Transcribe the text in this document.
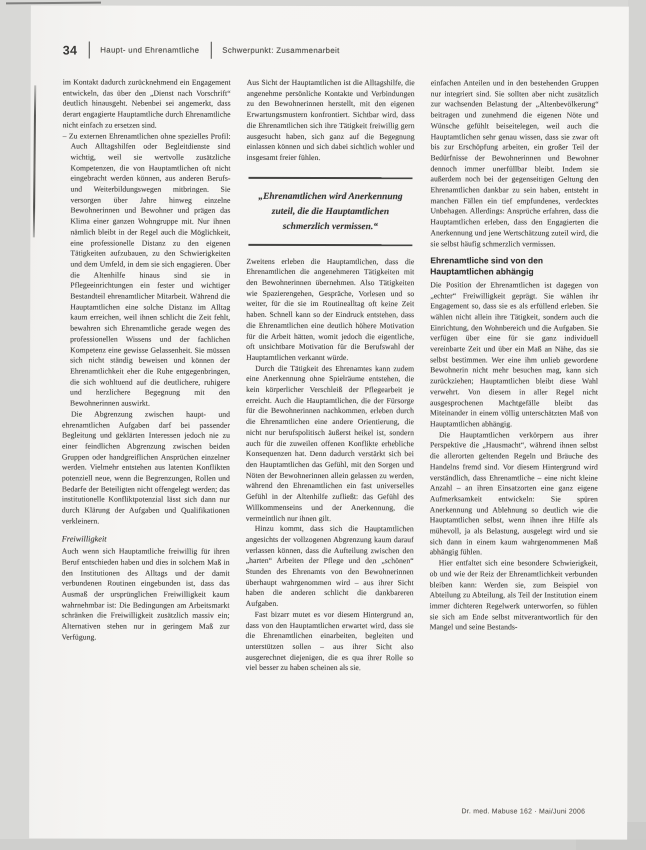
34	Haupt- und Ehrenamtliche	Schwerpunkt: Zusammenarbeit

im Kontakt dadurch zurücknehmend ein Engagement entwickeln, das über den „Dienst nach Vorschrift“ deutlich hinausgeht. Nebenbei sei angemerkt, dass derart engagierte Hauptamtliche durch Ehrenamtliche nicht einfach zu ersetzen sind.

– Zu externen Ehrenamtlichen ohne spezielles Profil: Auch Alltagshilfen oder Begleitdienste sind wichtig, weil sie wertvolle zusätzliche Kompetenzen, die von Hauptamtlichen oft nicht eingebracht werden können, aus anderen Berufs- und Weiterbildungswegen mitbringen. Sie versorgen über Jahre hinweg einzelne Bewohnerinnen und Bewohner und prägen das Klima einer ganzen Wohngruppe mit. Nur ihnen nämlich bleibt in der Regel auch die Möglichkeit, eine professionelle Distanz zu den eigenen Tätigkeiten aufzubauen, zu den Schwierigkeiten und dem Umfeld, in dem sie sich engagieren. Über die Altenhilfe hinaus sind sie in Pflegeeinrichtungen ein fester und wichtiger Bestandteil ehrenamtlicher Mitarbeit. Während die Hauptamtlichen eine solche Distanz im Alltag kaum erreichen, weil ihnen schlicht die Zeit fehlt, bewahren sich Ehrenamtliche gerade wegen des professionellen Wissens und der fachlichen Kompetenz eine gewisse Gelassenheit. Sie müssen sich nicht ständig beweisen und können der Ehrenamtlichkeit eher die Ruhe entgegenbringen, die sich wohltuend auf die deutlichere, ruhigere und herzlichere Begegnung mit den Bewohnerinnen auswirkt.

Die Abgrenzung zwischen haupt- und ehrenamtlichen Aufgaben darf bei passender Begleitung und geklärten Interessen jedoch nie zu einer feindlichen Abgrenzung zwischen beiden Gruppen oder handgreiflichen Ansprüchen einzelner werden. Vielmehr entstehen aus latenten Konflikten potenziell neue, wenn die Begrenzungen, Rollen und Bedarfe der Beteiligten nicht offengelegt werden; das institutionelle Konfliktpotenzial lässt sich dann nur durch Klärung der Aufgaben und Qualifikationen verkleinern.

Freiwilligkeit

Auch wenn sich Hauptamtliche freiwillig für ihren Beruf entschieden haben und dies in solchem Maß in den Institutionen des Alltags und der damit verbundenen Routinen eingebunden ist, dass das Ausmaß der ursprünglichen Freiwilligkeit kaum wahrnehmbar ist: Die Bedingungen am Arbeitsmarkt schränken die Freiwilligkeit zusätzlich massiv ein; Alternativen stehen nur in geringem Maß zur Verfügung.

Aus Sicht der Hauptamtlichen ist die Alltagshilfe, die angenehme persönliche Kontakte und Verbindungen zu den Bewohnerinnen herstellt, mit den eigenen Erwartungsmustern konfrontiert. Sichtbar wird, dass die Ehrenamtlichen sich ihre Tätigkeit freiwillig gern ausgesucht haben, sich ganz auf die Begegnung einlassen können und sich dabei sichtlich wohler und insgesamt freier fühlen.

„Ehrenamtlichen wird Anerkennung zuteil, die die Hauptamtlichen schmerzlich vermissen.“

Zweitens erleben die Hauptamtlichen, dass die Ehrenamtlichen die angenehmeren Tätigkeiten mit den Bewohnerinnen übernehmen. Also Tätigkeiten wie Spazierengehen, Gespräche, Vorlesen und so weiter, für die sie im Routinealltag oft keine Zeit haben. Schnell kann so der Eindruck entstehen, dass die Ehrenamtlichen eine deutlich höhere Motivation für die Arbeit hätten, womit jedoch die eigentliche, oft unsichtbare Motivation für die Berufswahl der Hauptamtlichen verkannt würde.

Durch die Tätigkeit des Ehrenamtes kann zudem eine Anerkennung ohne Spielräume entstehen, die kein körperlicher Verschleiß der Pflegearbeit je erreicht. Auch die Hauptamtlichen, die der Fürsorge für die Bewohnerinnen nachkommen, erleben durch die Ehrenamtlichen eine andere Orientierung, die nicht nur berufspolitisch äußerst heikel ist, sondern auch für die zuweilen offenen Konflikte erhebliche Konsequenzen hat. Denn dadurch verstärkt sich bei den Hauptamtlichen das Gefühl, mit den Sorgen und Nöten der Bewohnerinnen allein gelassen zu werden, während den Ehrenamtlichen ein fast universelles Gefühl in der Altenhilfe zufließt: das Gefühl des Willkommenseins und der Anerkennung, die vermeintlich nur ihnen gilt.

Hinzu kommt, dass sich die Hauptamtlichen angesichts der vollzogenen Abgrenzung kaum darauf verlassen können, dass die Aufteilung zwischen den „harten“ Arbeiten der Pflege und den „schönen“ Stunden des Ehrenamts von den Bewohnerinnen überhaupt wahrgenommen wird – aus ihrer Sicht haben die anderen schlicht die dankbareren Aufgaben.

Fast bizarr mutet es vor diesem Hintergrund an, dass von den Hauptamtlichen erwartet wird, dass sie die Ehrenamtlichen einarbeiten, begleiten und unterstützen sollen – aus ihrer Sicht also ausgerechnet diejenigen, die es qua ihrer Rolle so viel besser zu haben scheinen als sie.

einfachen Anteilen und in den bestehenden Gruppen nur integriert sind. Sie sollten aber nicht zusätzlich zur wachsenden Belastung der „Altenbevölkerung“ beitragen und zunehmend die eigenen Nöte und Wünsche gefühlt beiseitelegen, weil auch die Hauptamtlichen sehr genau wissen, dass sie zwar oft bis zur Erschöpfung arbeiten, ein großer Teil der Bedürfnisse der Bewohnerinnen und Bewohner dennoch immer unerfüllbar bleibt. Indem sie außerdem noch bei der gegenseitigen Geltung den Ehrenamtlichen dankbar zu sein haben, entsteht in manchen Fällen ein tief empfundenes, verdecktes Unbehagen. Allerdings: Ansprüche erfahren, dass die Hauptamtlichen erleben, dass den Engagierten die Anerkennung und jene Wertschätzung zuteil wird, die sie selbst häufig schmerzlich vermissen.

Ehrenamtliche sind von den Hauptamtlichen abhängig

Die Position der Ehrenamtlichen ist dagegen von „echter“ Freiwilligkeit geprägt. Sie wählen ihr Engagement so, dass sie es als erfüllend erleben. Sie wählen nicht allein ihre Tätigkeit, sondern auch die Einrichtung, den Wohnbereich und die Aufgaben. Sie verfügen über eine für sie ganz individuell vereinbarte Zeit und über ein Maß an Nähe, das sie selbst bestimmen. Wer eine ihm unlieb gewordene Bewohnerin nicht mehr besuchen mag, kann sich zurückziehen; Hauptamtlichen bleibt diese Wahl verwehrt. Von diesem in aller Regel nicht ausgesprochenen Machtgefälle bleibt das Miteinander in einem völlig unterschätzten Maß von Hauptamtlichen abhängig.

Die Hauptamtlichen verkörpern aus ihrer Perspektive die „Hausmacht“, während ihnen selbst die allerorten geltenden Regeln und Bräuche des Handelns fremd sind. Vor diesem Hintergrund wird verständlich, dass Ehrenamtliche – eine nicht kleine Anzahl – an ihren Einsatzorten eine ganz eigene Aufmerksamkeit entwickeln: Sie spüren Anerkennung und Ablehnung so deutlich wie die Hauptamtlichen selbst, wenn ihnen ihre Hilfe als mühevoll, ja als Belastung, ausgelegt wird und sie sich dann in einem kaum wahrgenommenen Maß abhängig fühlen.

Hier entfaltet sich eine besondere Schwierigkeit, ob und wie der Reiz der Ehrenamtlichkeit verbunden bleiben kann: Werden sie, zum Beispiel von Abteilung zu Abteilung, als Teil der Institution einem immer dichteren Regelwerk unterworfen, so fühlen sie sich am Ende selbst mitverantwortlich für den Mangel und seine Bestands-

Dr. med. Mabuse 162 · Mai/Juni 2006
